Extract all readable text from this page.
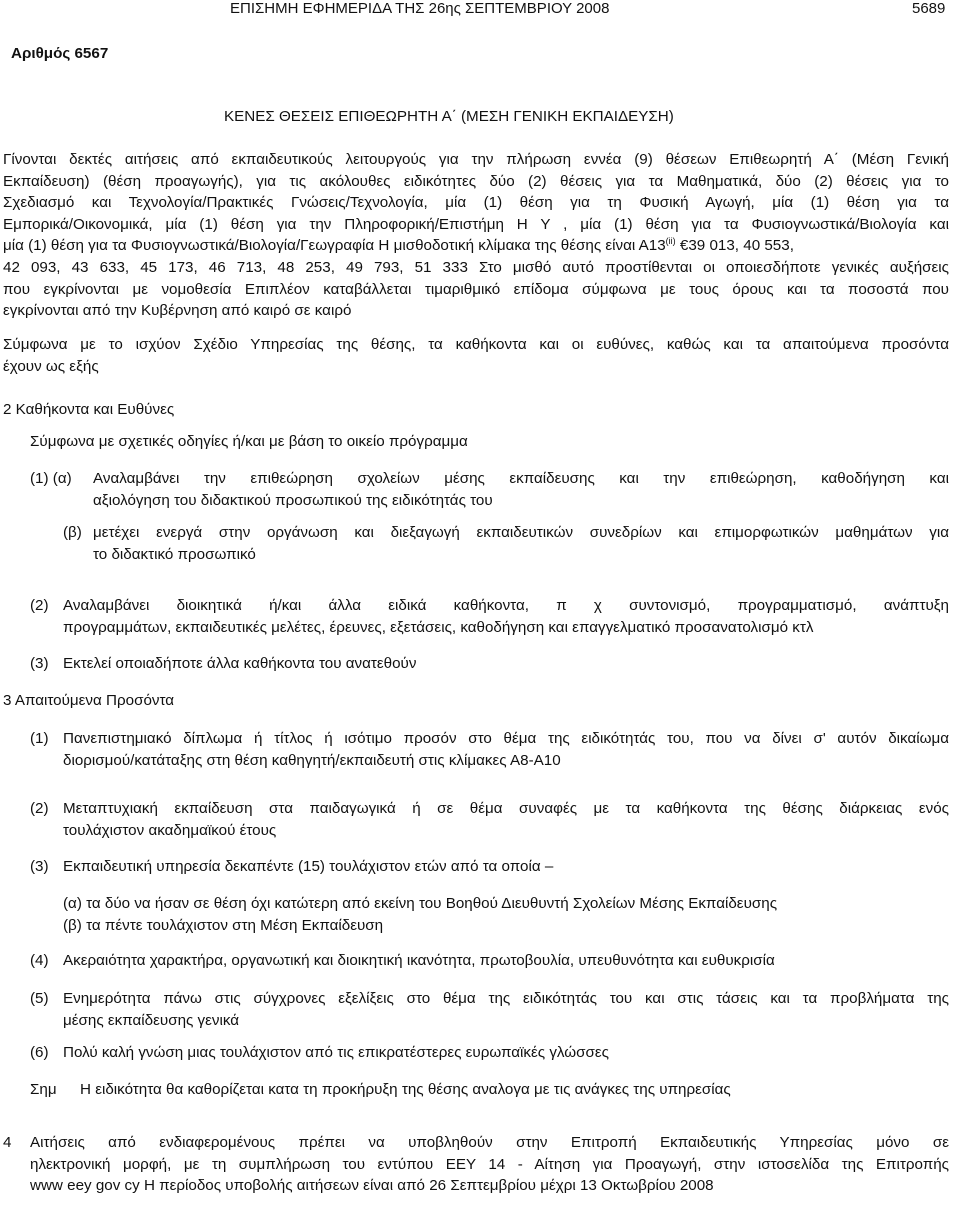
ΕΠΙΣΗΜΗ ΕΦΗΜΕΡΙΔΑ ΤΗΣ 26ης ΣΕΠΤΕΜΒΡΙΟΥ 2008	5689
Αριθμός 6567
ΚΕΝΕΣ ΘΕΣΕΙΣ ΕΠΙΘΕΩΡΗΤΗ Α΄ (ΜΕΣΗ ΓΕΝΙΚΗ ΕΚΠΑΙΔΕΥΣΗ)
Γίνονται δεκτές αιτήσεις από εκπαιδευτικούς λειτουργούς για την πλήρωση εννέα (9) θέσεων Επιθεωρητή Α΄ (Μέση Γενική
Εκπαίδευση) (θέση προαγωγής), για τις ακόλουθες ειδικότητες δύο (2) θέσεις για τα Μαθηματικά, δύο (2) θέσεις για το
Σχεδιασμό και Τεχνολογία/Πρακτικές Γνώσεις/Τεχνολογία, μία (1) θέση για τη Φυσική Αγωγή, μία (1) θέση για τα
Εμπορικά/Οικονομικά, μία (1) θέση για την Πληροφορική/Επιστήμη Η Υ , μία (1) θέση για τα Φυσιογνωστικά/Βιολογία και
μία (1) θέση για τα Φυσιογνωστικά/Βιολογία/Γεωγραφία Η μισθοδοτική κλίμακα της θέσης είναι Α13$^{(ii)}$ €39 013, 40 553,
42 093, 43 633, 45 173, 46 713, 48 253, 49 793, 51 333 Στο μισθό αυτό προστίθενται οι οποιεσδήποτε γενικές αυξήσεις
που εγκρίνονται με νομοθεσία Επιπλέον καταβάλλεται τιμαριθμικό επίδομα σύμφωνα με τους όρους και τα ποσοστά που
εγκρίνονται από την Κυβέρνηση από καιρό σε καιρό
Σύμφωνα με το ισχύον Σχέδιο Υπηρεσίας της θέσης, τα καθήκοντα και οι ευθύνες, καθώς και τα απαιτούμενα προσόντα
έχουν ως εξής
2 Καθήκοντα και Ευθύνες
Σύμφωνα με σχετικές οδηγίες ή/και με βάση το οικείο πρόγραμμα
(1) (α) Αναλαμβάνει την επιθεώρηση σχολείων μέσης εκπαίδευσης και την επιθεώρηση, καθοδήγηση και
αξιολόγηση του διδακτικού προσωπικού της ειδικότητάς του
(β) μετέχει ενεργά στην οργάνωση και διεξαγωγή εκπαιδευτικών συνεδρίων και επιμορφωτικών μαθημάτων για
το διδακτικό προσωπικό
(2) Αναλαμβάνει διοικητικά ή/και άλλα ειδικά καθήκοντα, π χ συντονισμό, προγραμματισμό, ανάπτυξη
προγραμμάτων, εκπαιδευτικές μελέτες, έρευνες, εξετάσεις, καθοδήγηση και επαγγελματικό προσανατολισμό κτλ
(3) Εκτελεί οποιαδήποτε άλλα καθήκοντα του ανατεθούν
3 Απαιτούμενα Προσόντα
(1) Πανεπιστημιακό δίπλωμα ή τίτλος ή ισότιμο προσόν στο θέμα της ειδικότητάς του, που να δίνει σ' αυτόν δικαίωμα
διορισμού/κατάταξης στη θέση καθηγητή/εκπαιδευτή στις κλίμακες Α8-Α10
(2) Μεταπτυχιακή εκπαίδευση στα παιδαγωγικά ή σε θέμα συναφές με τα καθήκοντα της θέσης διάρκειας ενός
τουλάχιστον ακαδημαϊκού έτους
(3) Εκπαιδευτική υπηρεσία δεκαπέντε (15) τουλάχιστον ετών από τα οποία –
(α) τα δύο να ήσαν σε θέση όχι κατώτερη από εκείνη του Βοηθού Διευθυντή Σχολείων Μέσης Εκπαίδευσης
(β) τα πέντε τουλάχιστον στη Μέση Εκπαίδευση
(4) Ακεραιότητα χαρακτήρα, οργανωτική και διοικητική ικανότητα, πρωτοβουλία, υπευθυνότητα και ευθυκρισία
(5) Ενημερότητα πάνω στις σύγχρονες εξελίξεις στο θέμα της ειδικότητάς του και στις τάσεις και τα προβλήματα της
μέσης εκπαίδευσης γενικά
(6) Πολύ καλή γνώση μιας τουλάχιστον από τις επικρατέστερες ευρωπαϊκές γλώσσες
Σημ Η ειδικότητα θα καθορίζεται κατα τη προκήρυξη της θέσης αναλογα με τις ανάγκες της υπηρεσίας
4 Αιτήσεις από ενδιαφερομένους πρέπει να υποβληθούν στην Επιτροπή Εκπαιδευτικής Υπηρεσίας μόνο σε
ηλεκτρονική μορφή, με τη συμπλήρωση του εντύπου ΕΕΥ 14 - Αίτηση για Προαγωγή, στην ιστοσελίδα της Επιτροπής
www eey gov cy Η περίοδος υποβολής αιτήσεων είναι από 26 Σεπτεμβρίου μέχρι 13 Οκτωβρίου 2008
